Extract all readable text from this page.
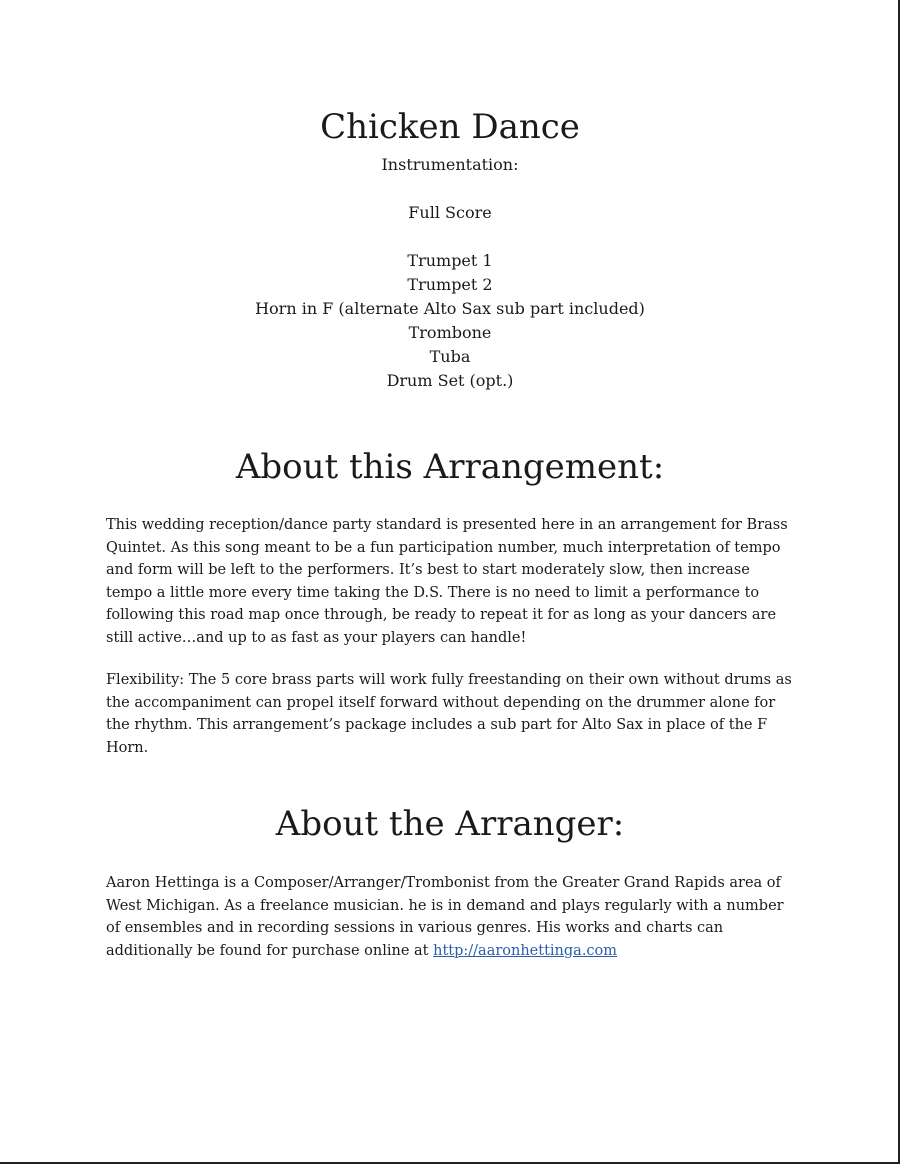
Chicken Dance
Instrumentation:
Full Score
Trumpet 1
Trumpet 2
Horn in F (alternate Alto Sax sub part included)
Trombone
Tuba
Drum Set (opt.)
About this Arrangement:

This wedding reception/dance party standard is presented here in an arrangement for Brass Quintet. As this song meant to be a fun participation number, much interpretation of tempo and form will be left to the performers. It’s best to start moderately slow, then increase tempo a little more every time taking the D.S. There is no need to limit a performance to following this road map once through, be ready to repeat it for as long as your dancers are still active…and up to as fast as your players can handle!

Flexibility: The 5 core brass parts will work fully freestanding on their own without drums as the accompaniment can propel itself forward without depending on the drummer alone for the rhythm. This arrangement’s package includes a sub part for Alto Sax in place of the F Horn.

About the Arranger:

Aaron Hettinga is a Composer/Arranger/Trombonist from the Greater Grand Rapids area of West Michigan. As a freelance musician. he is in demand and plays regularly with a number of ensembles and in recording sessions in various genres. His works and charts can additionally be found for purchase online at http://aaronhettinga.com
